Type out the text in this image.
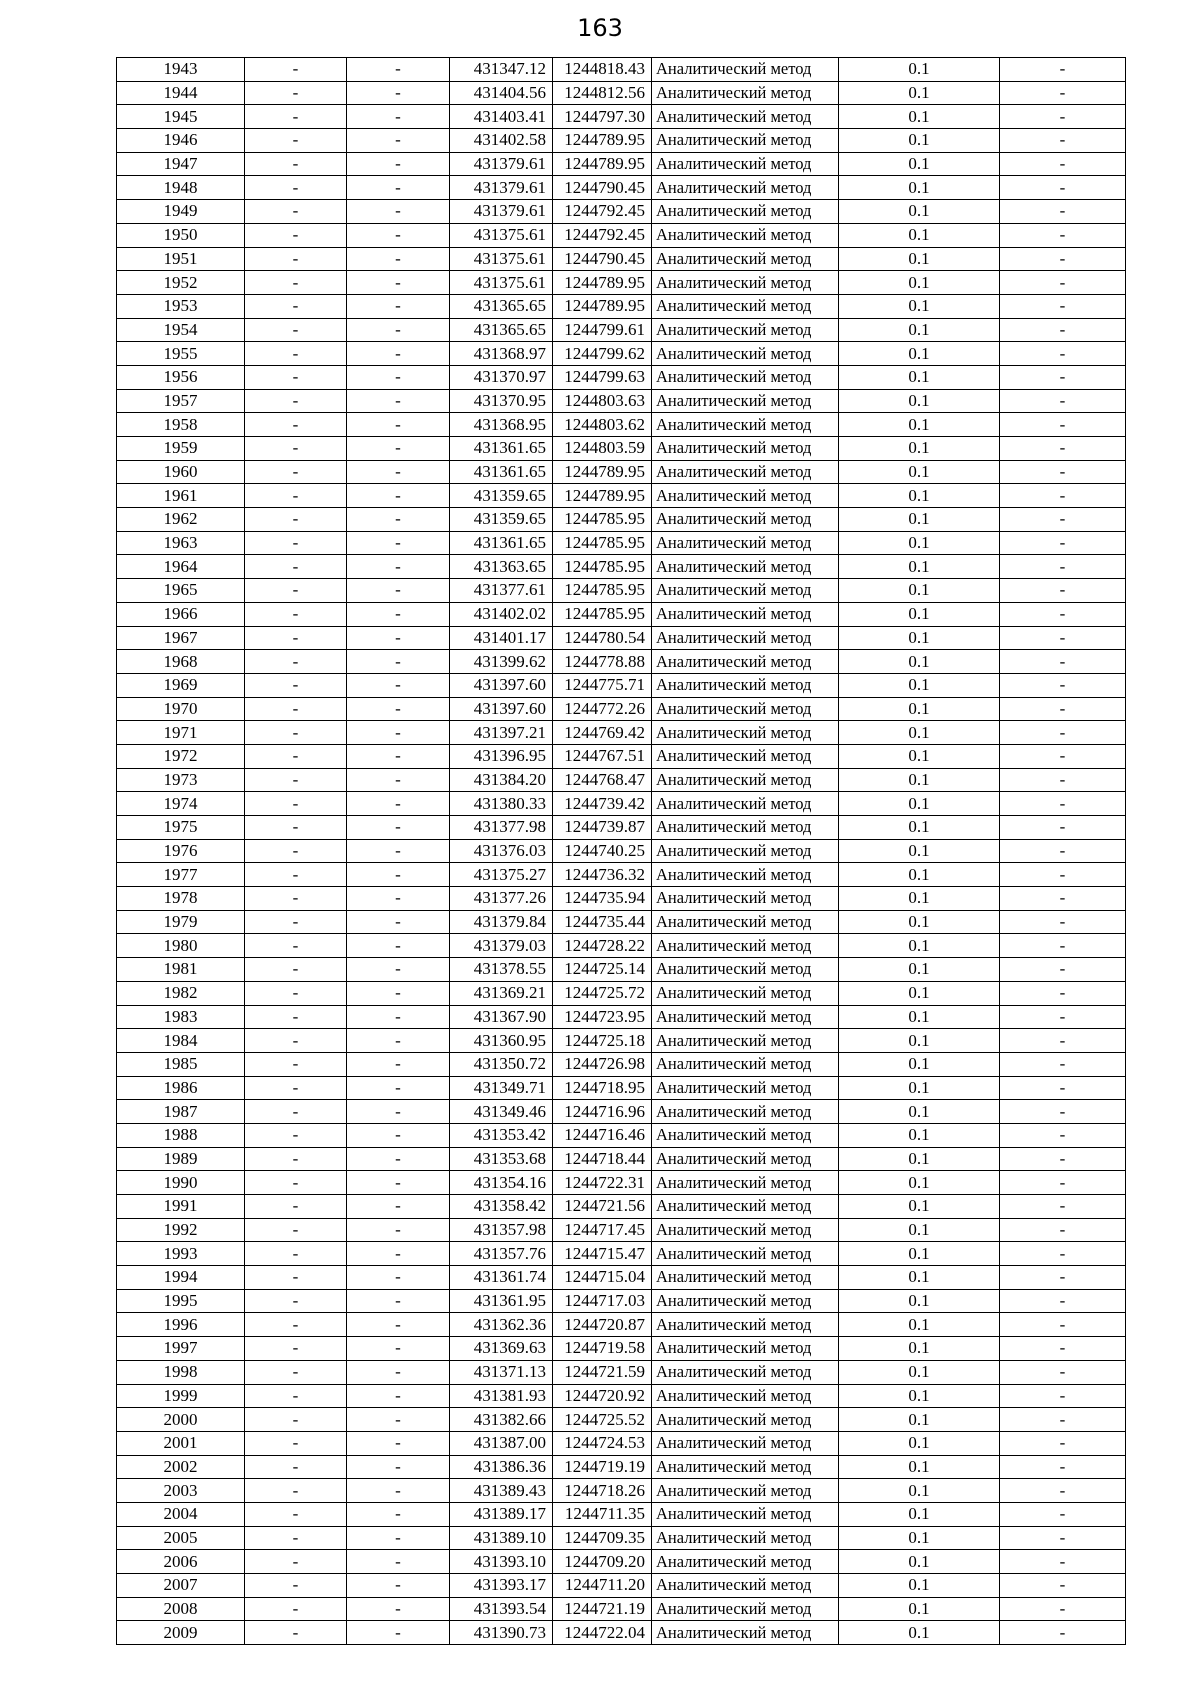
163
1943	-	-	431347.12	1244818.43	Аналитический метод	0.1	-
1944	-	-	431404.56	1244812.56	Аналитический метод	0.1	-
1945	-	-	431403.41	1244797.30	Аналитический метод	0.1	-
1946	-	-	431402.58	1244789.95	Аналитический метод	0.1	-
1947	-	-	431379.61	1244789.95	Аналитический метод	0.1	-
1948	-	-	431379.61	1244790.45	Аналитический метод	0.1	-
1949	-	-	431379.61	1244792.45	Аналитический метод	0.1	-
1950	-	-	431375.61	1244792.45	Аналитический метод	0.1	-
1951	-	-	431375.61	1244790.45	Аналитический метод	0.1	-
1952	-	-	431375.61	1244789.95	Аналитический метод	0.1	-
1953	-	-	431365.65	1244789.95	Аналитический метод	0.1	-
1954	-	-	431365.65	1244799.61	Аналитический метод	0.1	-
1955	-	-	431368.97	1244799.62	Аналитический метод	0.1	-
1956	-	-	431370.97	1244799.63	Аналитический метод	0.1	-
1957	-	-	431370.95	1244803.63	Аналитический метод	0.1	-
1958	-	-	431368.95	1244803.62	Аналитический метод	0.1	-
1959	-	-	431361.65	1244803.59	Аналитический метод	0.1	-
1960	-	-	431361.65	1244789.95	Аналитический метод	0.1	-
1961	-	-	431359.65	1244789.95	Аналитический метод	0.1	-
1962	-	-	431359.65	1244785.95	Аналитический метод	0.1	-
1963	-	-	431361.65	1244785.95	Аналитический метод	0.1	-
1964	-	-	431363.65	1244785.95	Аналитический метод	0.1	-
1965	-	-	431377.61	1244785.95	Аналитический метод	0.1	-
1966	-	-	431402.02	1244785.95	Аналитический метод	0.1	-
1967	-	-	431401.17	1244780.54	Аналитический метод	0.1	-
1968	-	-	431399.62	1244778.88	Аналитический метод	0.1	-
1969	-	-	431397.60	1244775.71	Аналитический метод	0.1	-
1970	-	-	431397.60	1244772.26	Аналитический метод	0.1	-
1971	-	-	431397.21	1244769.42	Аналитический метод	0.1	-
1972	-	-	431396.95	1244767.51	Аналитический метод	0.1	-
1973	-	-	431384.20	1244768.47	Аналитический метод	0.1	-
1974	-	-	431380.33	1244739.42	Аналитический метод	0.1	-
1975	-	-	431377.98	1244739.87	Аналитический метод	0.1	-
1976	-	-	431376.03	1244740.25	Аналитический метод	0.1	-
1977	-	-	431375.27	1244736.32	Аналитический метод	0.1	-
1978	-	-	431377.26	1244735.94	Аналитический метод	0.1	-
1979	-	-	431379.84	1244735.44	Аналитический метод	0.1	-
1980	-	-	431379.03	1244728.22	Аналитический метод	0.1	-
1981	-	-	431378.55	1244725.14	Аналитический метод	0.1	-
1982	-	-	431369.21	1244725.72	Аналитический метод	0.1	-
1983	-	-	431367.90	1244723.95	Аналитический метод	0.1	-
1984	-	-	431360.95	1244725.18	Аналитический метод	0.1	-
1985	-	-	431350.72	1244726.98	Аналитический метод	0.1	-
1986	-	-	431349.71	1244718.95	Аналитический метод	0.1	-
1987	-	-	431349.46	1244716.96	Аналитический метод	0.1	-
1988	-	-	431353.42	1244716.46	Аналитический метод	0.1	-
1989	-	-	431353.68	1244718.44	Аналитический метод	0.1	-
1990	-	-	431354.16	1244722.31	Аналитический метод	0.1	-
1991	-	-	431358.42	1244721.56	Аналитический метод	0.1	-
1992	-	-	431357.98	1244717.45	Аналитический метод	0.1	-
1993	-	-	431357.76	1244715.47	Аналитический метод	0.1	-
1994	-	-	431361.74	1244715.04	Аналитический метод	0.1	-
1995	-	-	431361.95	1244717.03	Аналитический метод	0.1	-
1996	-	-	431362.36	1244720.87	Аналитический метод	0.1	-
1997	-	-	431369.63	1244719.58	Аналитический метод	0.1	-
1998	-	-	431371.13	1244721.59	Аналитический метод	0.1	-
1999	-	-	431381.93	1244720.92	Аналитический метод	0.1	-
2000	-	-	431382.66	1244725.52	Аналитический метод	0.1	-
2001	-	-	431387.00	1244724.53	Аналитический метод	0.1	-
2002	-	-	431386.36	1244719.19	Аналитический метод	0.1	-
2003	-	-	431389.43	1244718.26	Аналитический метод	0.1	-
2004	-	-	431389.17	1244711.35	Аналитический метод	0.1	-
2005	-	-	431389.10	1244709.35	Аналитический метод	0.1	-
2006	-	-	431393.10	1244709.20	Аналитический метод	0.1	-
2007	-	-	431393.17	1244711.20	Аналитический метод	0.1	-
2008	-	-	431393.54	1244721.19	Аналитический метод	0.1	-
2009	-	-	431390.73	1244722.04	Аналитический метод	0.1	-
